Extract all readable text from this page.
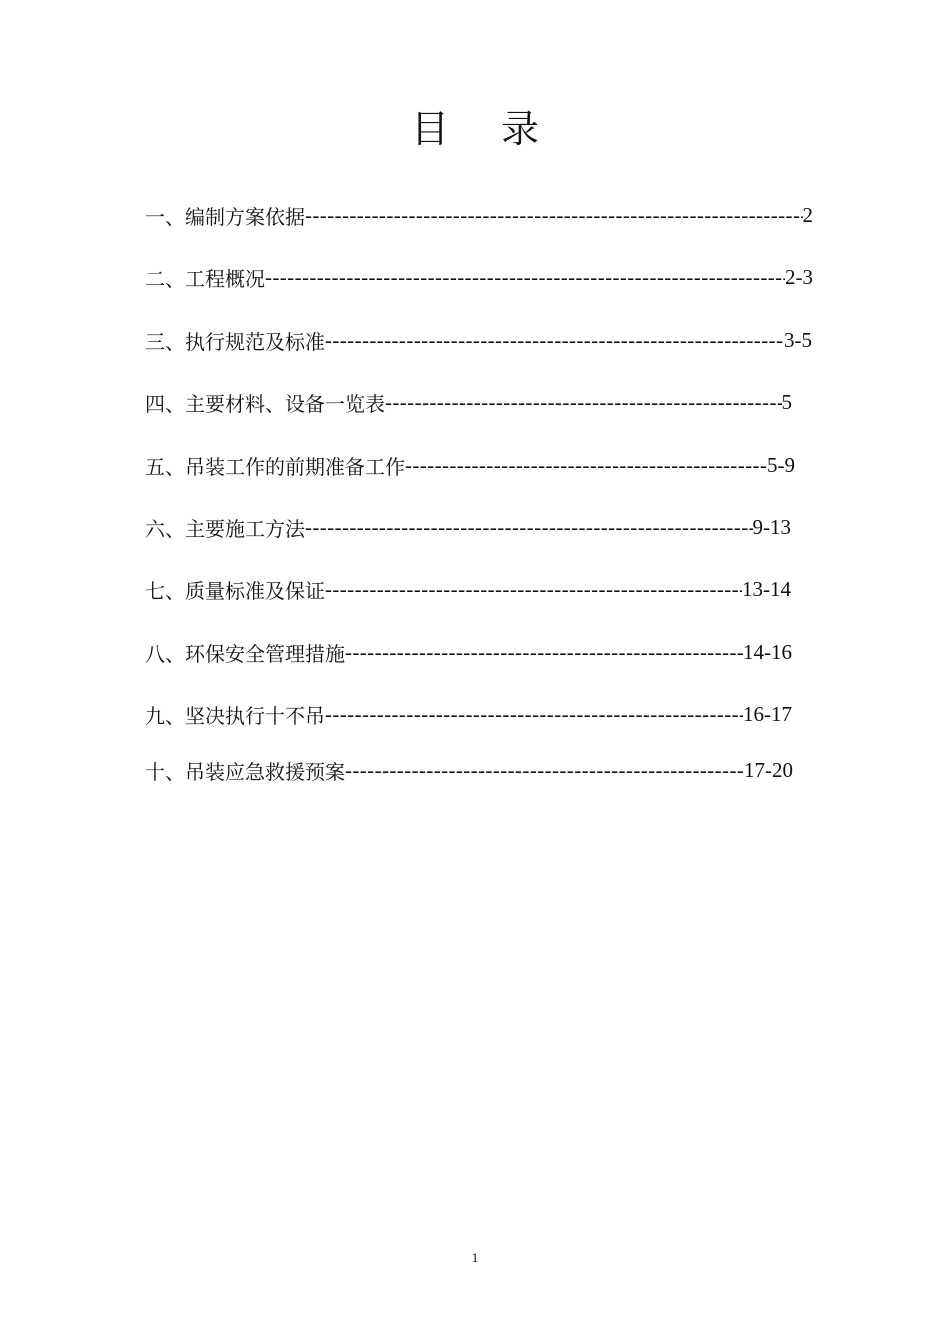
目录
一、编制方案依据 -----	2
二、工程概况 -----	2-3
三、执行规范及标准 -----	3-5
四、主要材料、设备一览表 -----	5
五、吊装工作的前期准备工作 -----	5-9
六、主要施工方法 -----	9-13
七、质量标准及保证 -----	13-14
八、环保安全管理措施 -----	14-16
九、坚决执行十不吊 -----	16-17
十、吊装应急救援预案 -----	17-20
1
